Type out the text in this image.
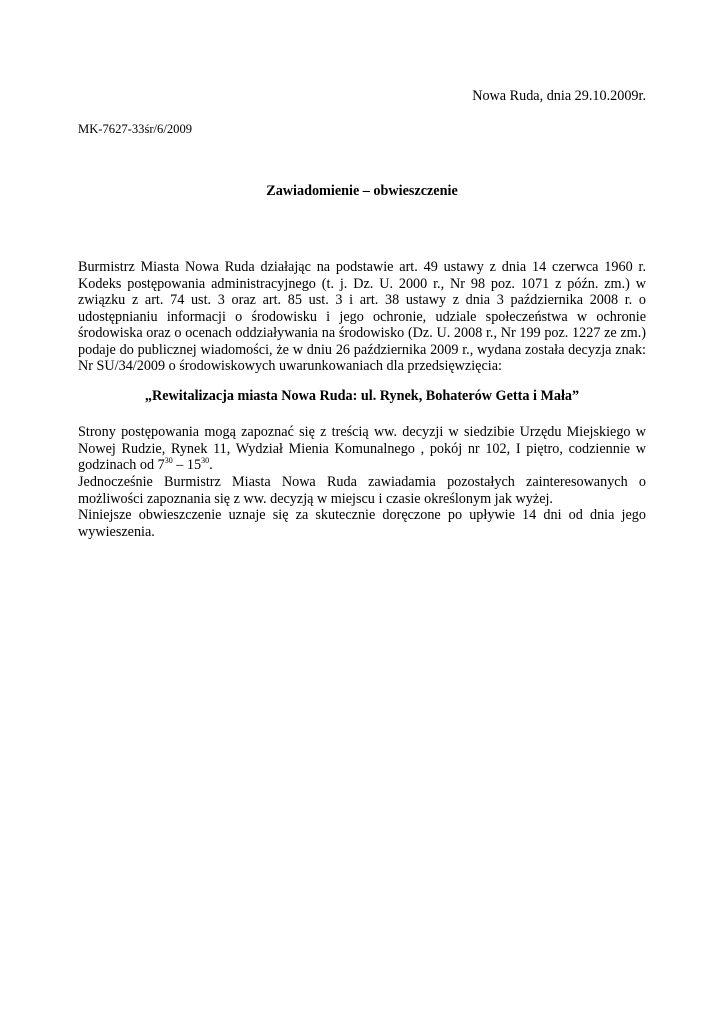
Nowa Ruda, dnia 29.10.2009r.
MK-7627-33śr/6/2009
Zawiadomienie – obwieszczenie
Burmistrz Miasta Nowa Ruda działając na podstawie art. 49 ustawy z dnia 14 czerwca 1960 r. Kodeks postępowania administracyjnego (t. j. Dz. U. 2000 r., Nr 98 poz. 1071 z późn. zm.) w związku z art. 74 ust. 3 oraz art. 85 ust. 3 i art. 38 ustawy z dnia 3 października 2008 r. o udostępnianiu informacji o środowisku i jego ochronie, udziale społeczeństwa w ochronie środowiska oraz o ocenach oddziaływania na środowisko (Dz. U. 2008 r., Nr 199 poz. 1227 ze zm.) podaje do publicznej wiadomości, że w dniu 26 października 2009 r., wydana została decyzja znak: Nr SU/34/2009 o środowiskowych uwarunkowaniach dla przedsięwzięcia:
„Rewitalizacja miasta Nowa Ruda: ul. Rynek, Bohaterów Getta i Mała”
Strony postępowania mogą zapoznać się z treścią ww. decyzji w siedzibie Urzędu Miejskiego w Nowej Rudzie, Rynek 11, Wydział Mienia Komunalnego , pokój nr 102, I piętro, codziennie w godzinach od $7^{30} - 15^{30}$.
Jednocześnie Burmistrz Miasta Nowa Ruda zawiadamia pozostałych zainteresowanych o możliwości zapoznania się z ww. decyzją w miejscu i czasie określonym jak wyżej.
Niniejsze obwieszczenie uznaje się za skutecznie doręczone po upływie 14 dni od dnia jego wywieszenia.
